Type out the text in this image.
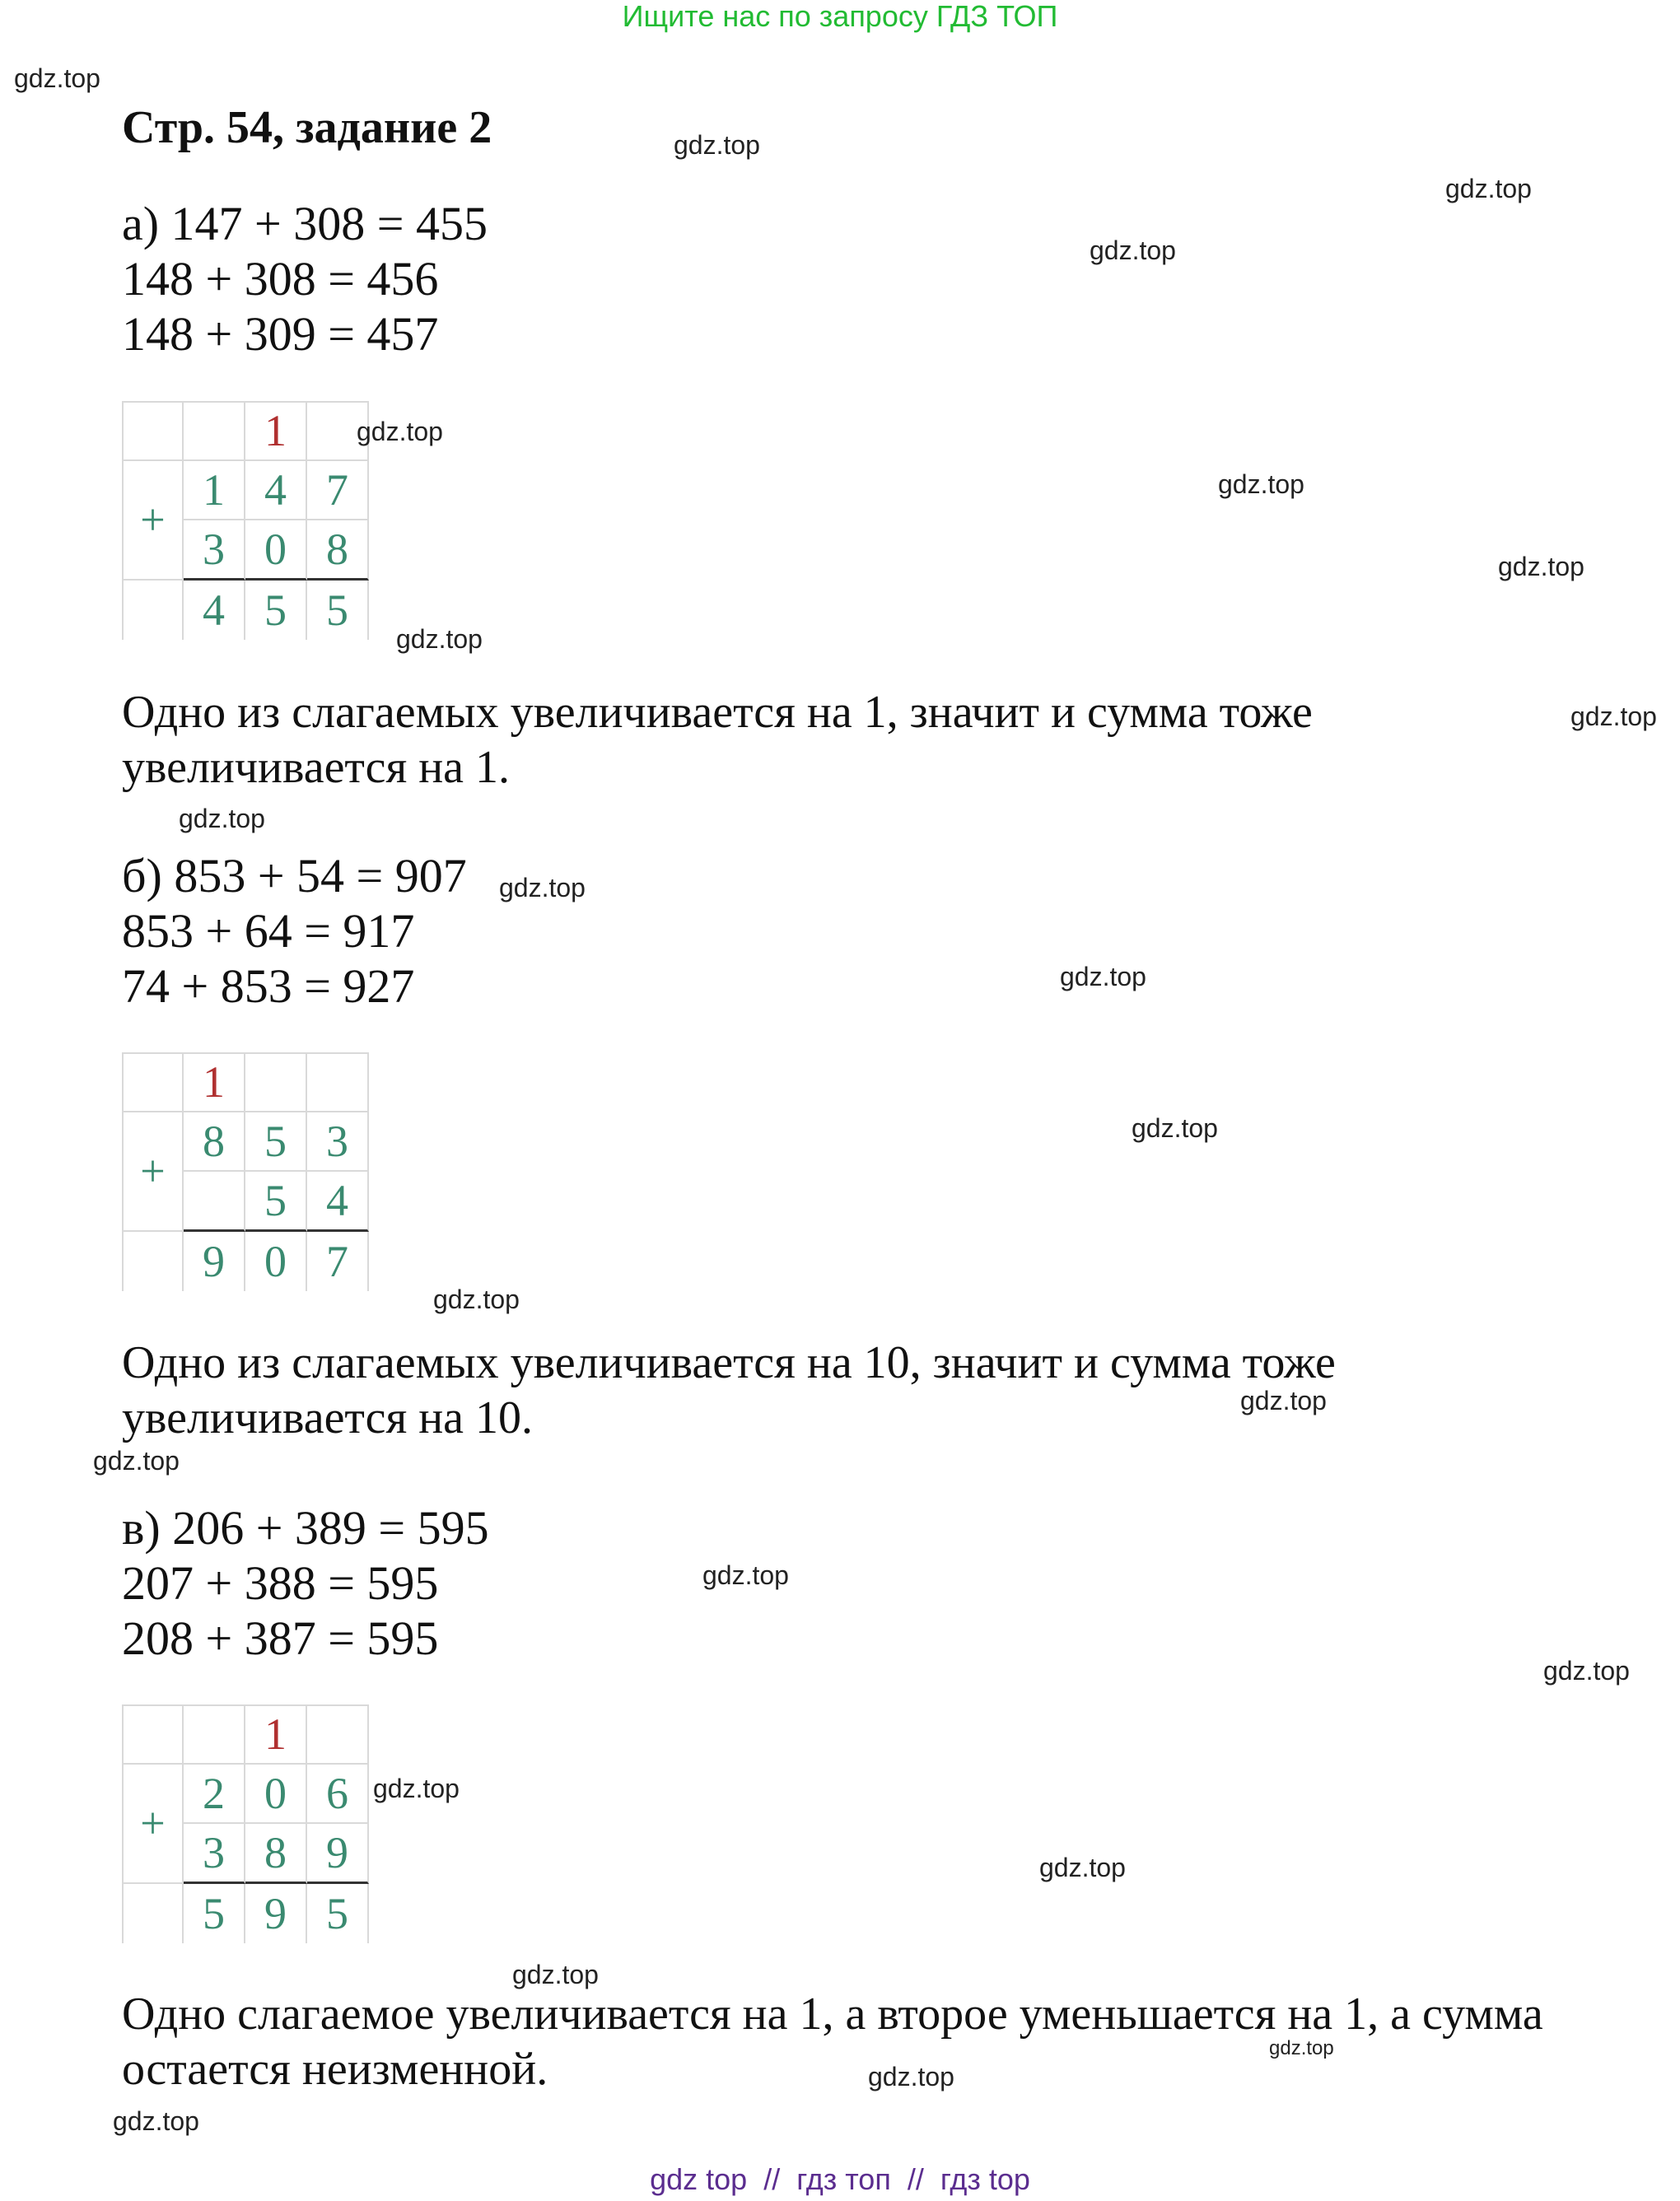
Ищите нас по запросу ГДЗ ТОП
Стр. 54, задание 2
а) 147 + 308 = 455
148 + 308 = 456
148 + 309 = 457
1
+
1 4 7
3 0 8
4 5 5
Одно из слагаемых увеличивается на 1, значит и сумма тоже
увеличивается на 1.
б) 853 + 54 = 907
853 + 64 = 917
74 + 853 = 927
1
+
8 5 3
5 4
9 0 7
Одно из слагаемых увеличивается на 10, значит и сумма тоже
увеличивается на 10.
в) 206 + 389 = 595
207 + 388 = 595
208 + 387 = 595
1
+
2 0 6
3 8 9
5 9 5
Одно слагаемое увеличивается на 1, а второе уменьшается на 1, а сумма
остается неизменной.
gdz.top
gdz.top
gdz.top
gdz.top
gdz.top
gdz.top
gdz.top
gdz.top
gdz.top
gdz.top
gdz.top
gdz.top
gdz.top
gdz.top
gdz.top
gdz.top
gdz.top
gdz.top
gdz.top
gdz.top
gdz.top
gdz.top
gdz.top
gdz.top
gdz top  //  гдз топ  //  гдз top
